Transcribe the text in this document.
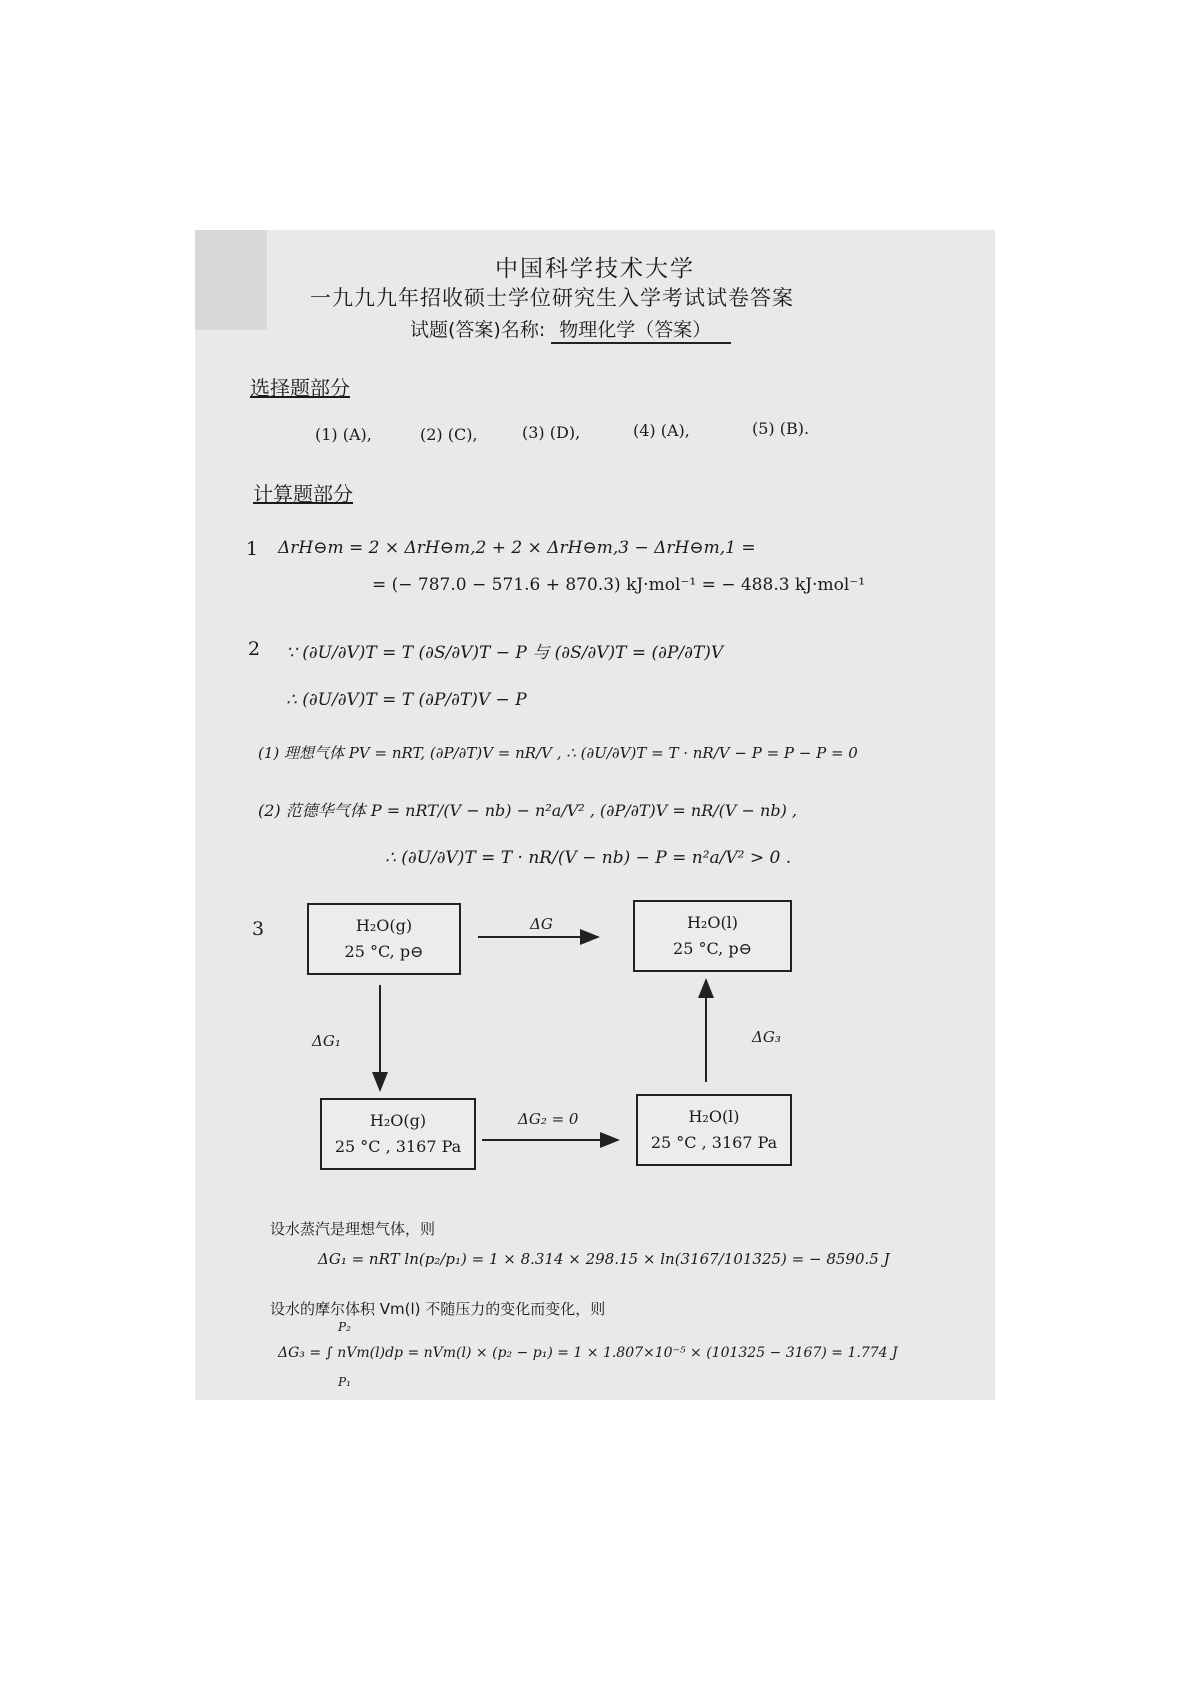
中国科学技术大学
一九九九年招收硕士学位研究生入学考试试卷答案
试题(答案)名称: 物理化学（答案）
选择题部分
(1) (A),	(2) (C),	(3) (D),	(4) (A),	(5) (B).
计算题部分
1 ΔrH⊖m = 2 × ΔrH⊖m,2 + 2 × ΔrH⊖m,3 − ΔrH⊖m,1 =
= (− 787.0 − 571.6 + 870.3) kJ·mol⁻¹ = − 488.3 kJ·mol⁻¹
2 ∵ (∂U/∂V)T = T (∂S/∂V)T − P 与 (∂S/∂V)T = (∂P/∂T)V
∴ (∂U/∂V)T = T (∂P/∂T)V − P
(1) 理想气体 PV = nRT, (∂P/∂T)V = nR/V , ∴ (∂U/∂V)T = T · nR/V − P = P − P = 0
(2) 范德华气体 P = nRT/(V − nb) − n²a/V² , (∂P/∂T)V = nR/(V − nb) ,
∴ (∂U/∂V)T = T · nR/(V − nb) − P = n²a/V² > 0 .
3	H₂O(g)
25 °C, p⊖
H₂O(l)
25 °C, p⊖
H₂O(g)
25 °C , 3167 Pa
H₂O(l)
25 °C , 3167 Pa
ΔG
ΔG₁	ΔG₃
ΔG₂ = 0
设水蒸汽是理想气体，则
ΔG₁ = nRT ln(p₂/p₁) = 1 × 8.314 × 298.15 × ln(3167/101325) = − 8590.5 J
设水的摩尔体积 Vm(l) 不随压力的变化而变化，则
P₂
ΔG₃ = ∫ nVm(l)dp = nVm(l) × (p₂ − p₁) = 1 × 1.807×10⁻⁵ × (101325 − 3167) = 1.774 J
P₁
